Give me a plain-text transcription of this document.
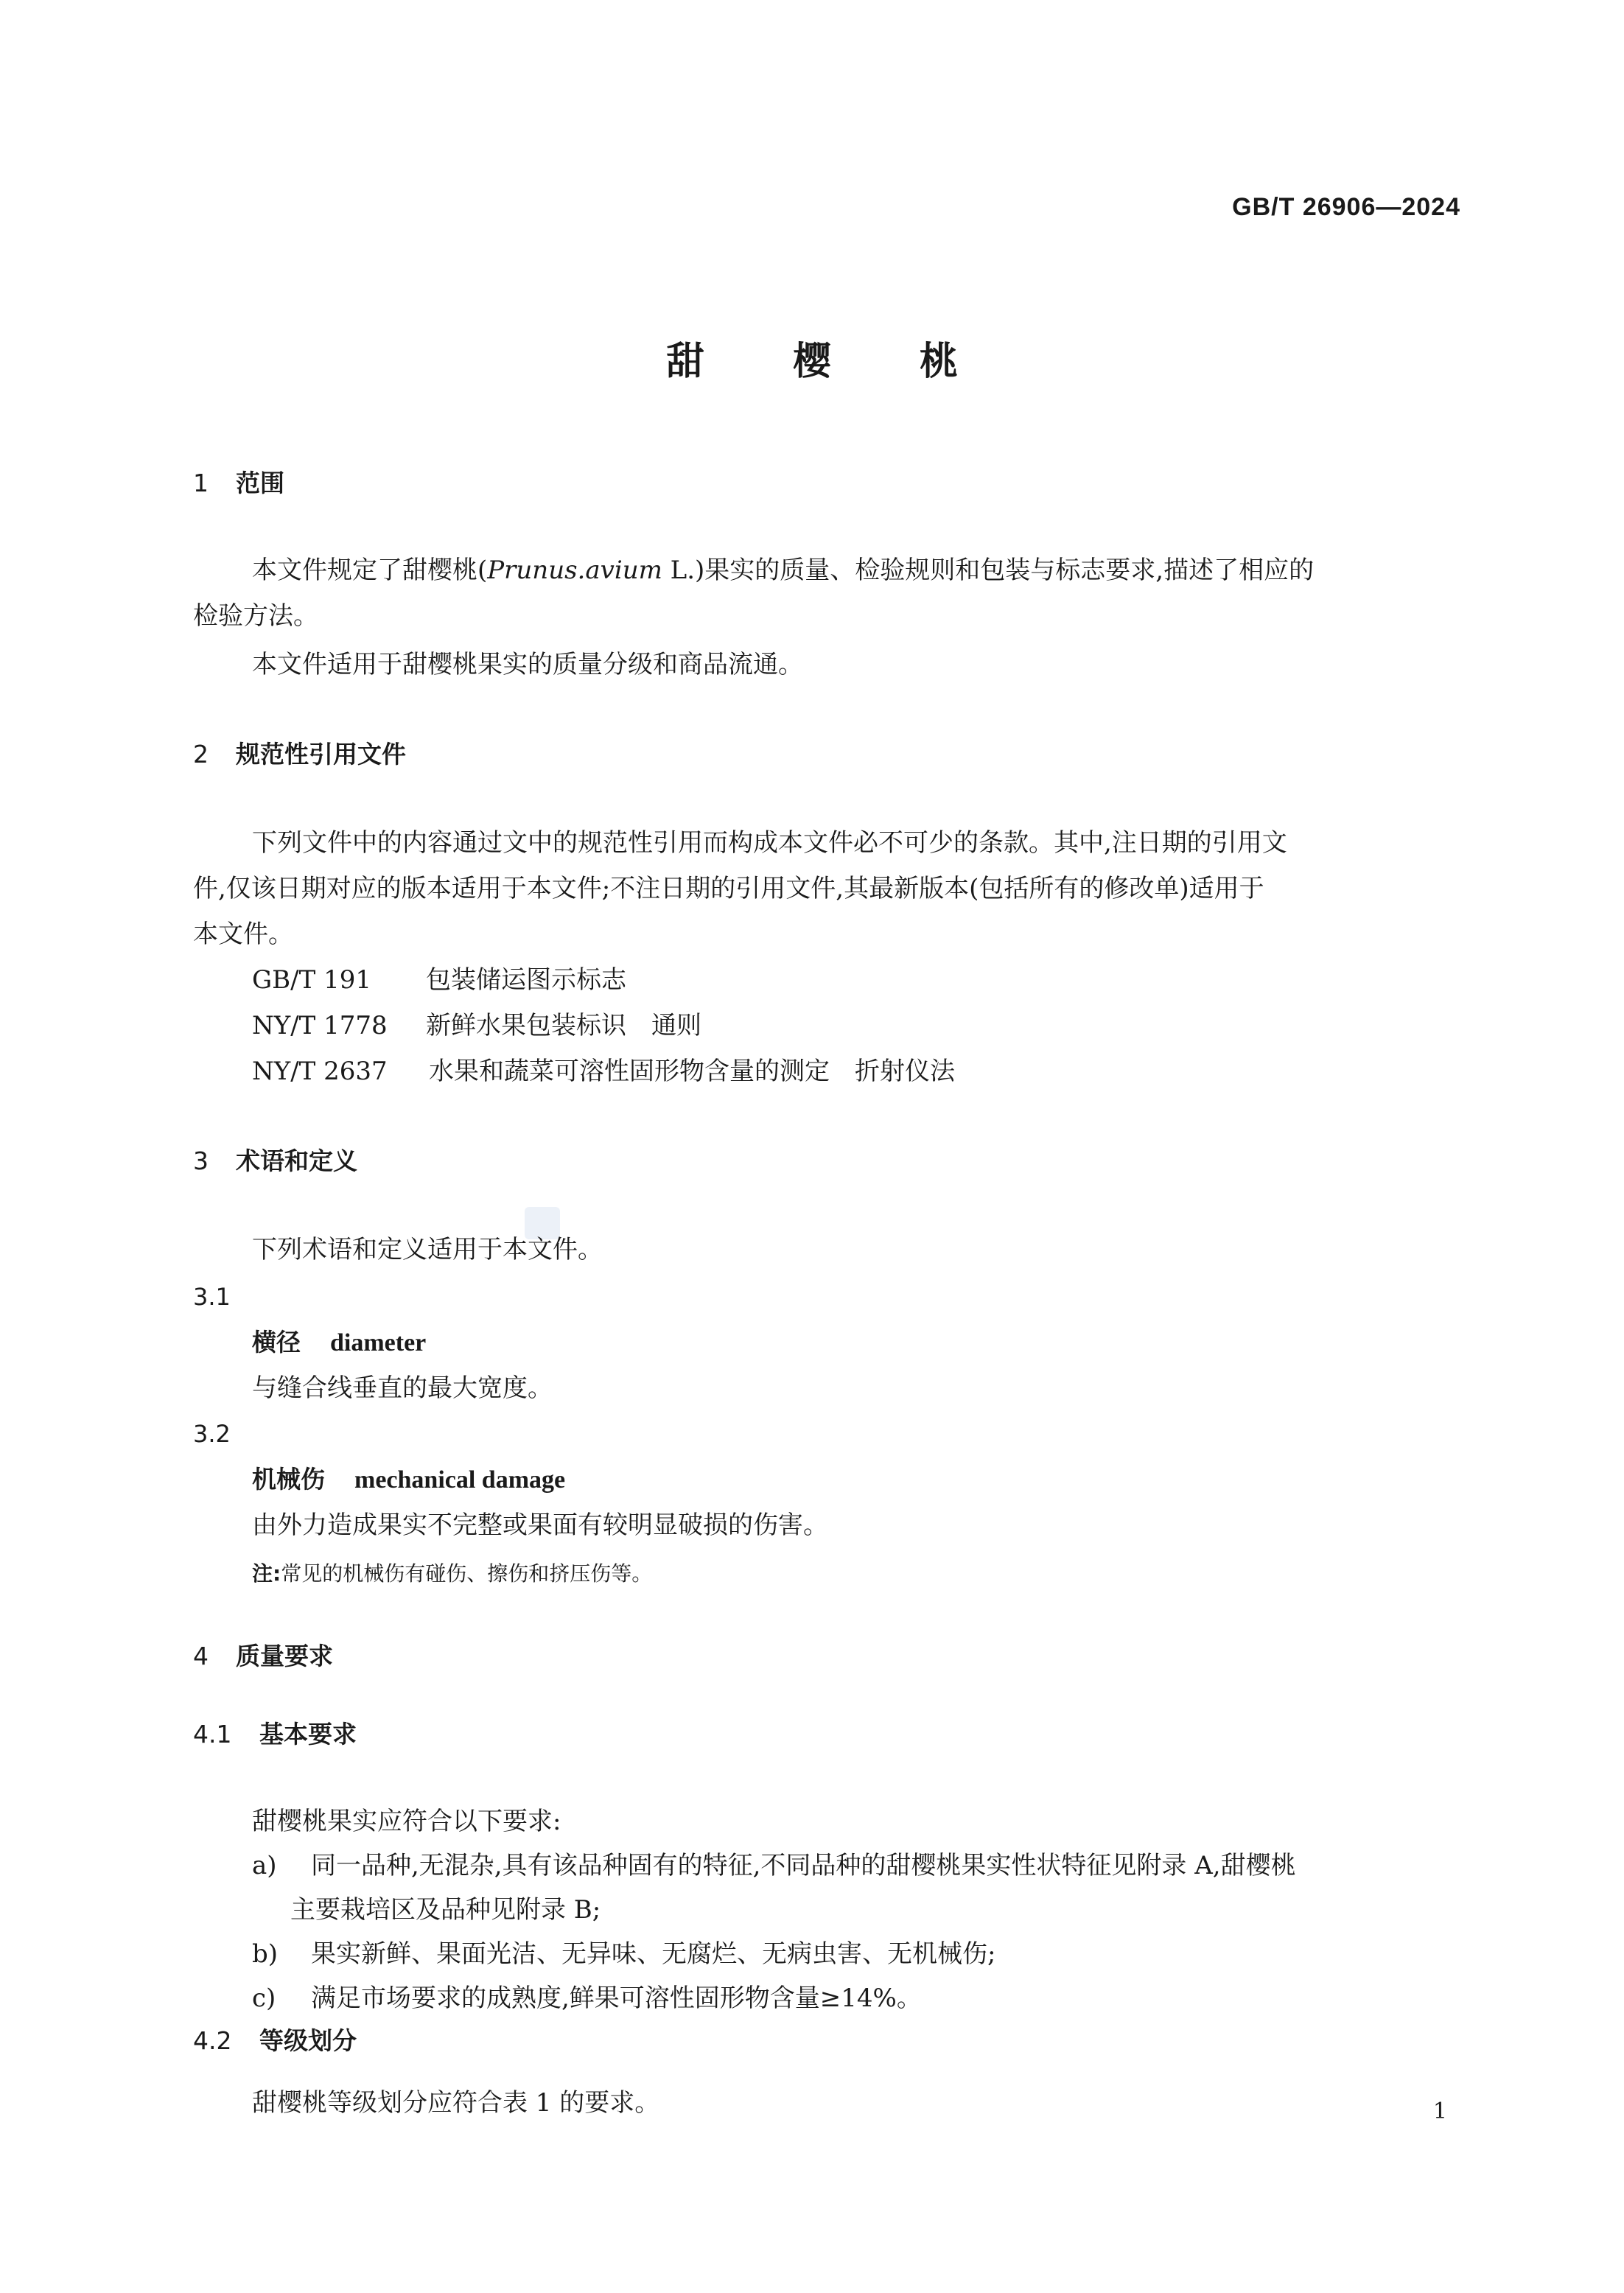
GB/T 26906—2024
甜樱桃
1 范围
本文件规定了甜樱桃(Prunus.avium L.)果实的质量、检验规则和包装与标志要求,描述了相应的
检验方法。
本文件适用于甜樱桃果实的质量分级和商品流通。
2 规范性引用文件
下列文件中的内容通过文中的规范性引用而构成本文件必不可少的条款。其中,注日期的引用文
件,仅该日期对应的版本适用于本文件;不注日期的引用文件,其最新版本(包括所有的修改单)适用于
本文件。
GB/T 191 包装储运图示标志
NY/T 1778 新鲜水果包装标识 通则
NY/T 2637 水果和蔬菜可溶性固形物含量的测定 折射仪法
3 术语和定义
下列术语和定义适用于本文件。
3.1
横径 diameter
与缝合线垂直的最大宽度。
3.2
机械伤 mechanical damage
由外力造成果实不完整或果面有较明显破损的伤害。
注:常见的机械伤有碰伤、擦伤和挤压伤等。
4 质量要求
4.1 基本要求
甜樱桃果实应符合以下要求:
a) 同一品种,无混杂,具有该品种固有的特征,不同品种的甜樱桃果实性状特征见附录 A,甜樱桃
主要栽培区及品种见附录 B;
b) 果实新鲜、果面光洁、无异味、无腐烂、无病虫害、无机械伤;
c) 满足市场要求的成熟度,鲜果可溶性固形物含量≥14%。
4.2 等级划分
甜樱桃等级划分应符合表 1 的要求。	1
